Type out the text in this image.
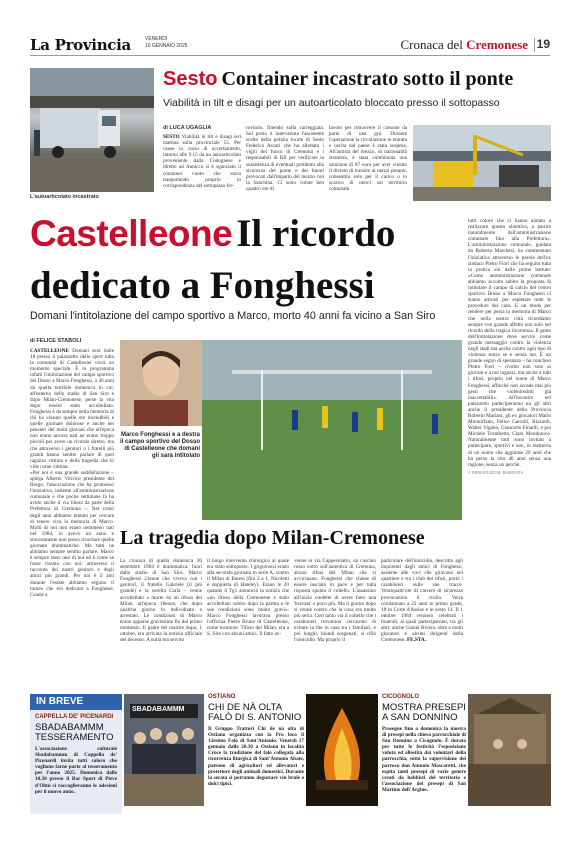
La Provincia	VENERDÌ
10 GENNAIO 2025	Cronaca del Cremonese 19
L'autoarticolato incastrato
Sesto Container incastrato sotto il ponte
Viabilità in tilt e disagi per un autoarticolato bloccato presso il sottopasso
di LUCA UGAGLIA
SESTO Viabilità in tilt e disagi ieri mattina sulla provinciale 55. Per cause in corso di accertamento, intorno alle 9.15 da un autoarticolato proveniente dalla Codognese e diretto ad Annicco si è sganciato il container vuoto che stava trasportando proprio in corrispondenza del sottopasso fer-
roviario, finendo sulla carreggiata. Sul posto è intervenuta l'assistente scelto della polizia locale di Sesto Federica Ascari che ha allertato i vigili del fuoco di Cremona e i responsabili di Rfi per verificare la sussistenza di eventuali problemi alla sicurezza del ponte e dei binari provocati dall'impatto del mezzo con la banchina. Ci sono volute ben quattro ore di
lavoro per rimuovere il cassone da parte di una gru. Durante l'operazione la circolazione in entrata e uscita dal paese è stata sospesa. All'autista del mezzo, di nazionalità straniera, è stata comminata una sanzione di 87 euro per aver violato il divieto di transito ai mezzi pesanti, consentito solo per il carico o lo scarico di merci sul territorio comunale.
Castelleone Il ricordo
dedicato a Fonghessi
tutti coloro che ci hanno aiutato a realizzare questo obiettivo, a partire naturalmente dall'amministrazione comunale fino alla Prefettura». L'amministrazione comunale, guidata da Roberto Marchesi, ha commentato l'iniziativa attraverso le parole dell'ex sindaco Pietro Fiori che ha seguito tutta la pratica sin dalle prime battute: «Come amministrazione comunale abbiamo accolto subito la proposta di intitolare il campo di calcio del centro sportivo Dosso a Marco Fonghessi ci siamo attivati per espletare tutte le procedure del caso. E un modo per rendere per persa la memoria di Marco che nella nostra città ricordiamo sempre con grande affetto non solo nel ricordo della tragica ricorrenza. Il gesto dell'intitolazione deve servire come grande messaggio contro la violenza negli stadi ma anche contro ogni tipo di violenza senza se e senza ma. È un grande segno di speranza – ha concluso Pietro Fiori – rivolto non solo ai giovani e a noi ragazzi, ma anche a tutti i tifosi, proprio nel nome di Marco Fonghessi, affinché non accada mai più gesti che violentissimi già inaccettabili». All'incontro nel palazzetto parteciperanno tra gli altri anche il presidente della Provincia Roberto Mariani, gli ex giocatori Mario Montorfano, Felice Garzilli, Rizzardi, Walter Vigano, Giancarlo Finardi, e poi Michele Trombetta, Clara Mondonico. Naturalmente tutti sono invitati a partecipare, sportivi e non, in memoria di un uomo che aggiunse 20 anni che ha perso la vita 40 anni senza una ragione, senza un perché.
© RIPRODUZIONE RISERVATA
Domani l'intitolazione del campo sportivo a Marco, morto 40 anni fa vicino a San Siro
di FELICE STABOLI
CASTELLEONE Domani sera dalle 18 presso il palazzetto dello sport tutta la comunità di Castelleone vivrà un momento speciale. È in programma infatti l'intitolazione del campo sportivo del Dosso a Marco Fonghessi, a 40 anni da quella terribile domenica in cui, all'esterno dello stadio di San Siro e dopo Milan-Cremonese, perse la vita dopo essere stato accoltellato. Fonghessi è da sempre nella memoria di chi ha vissuto quelle ore incredibili e quelle giornate dolorose e anche nei pensieri dei molti giovani che all'epoca non erano ancora nati ne erano troppo piccoli per avere un ricordo diretto, ma che attraverso i genitori o i fratelli più grandi hanno sentito parlare di quel ragazzo vittima e della tragedia che lo vide come vittima.
«Per noi è una grande soddisfazione – spiega Alberto Vitivice presidente del Borgo, l'associazione che ha promosso l'iniziativa, insieme all'amministrazione comunale e che poche settimane fa ha avuto anche il via libera da parte della Prefettura di Cremona –. Nel corso degli anni abbiamo tentato per cercare di tenere viva la memoria di Marco. Molti di noi non erano nemmeno nati nel 1984, io avevo un anno e sinceramente non posso ricordare quelle giornate drammatiche. Ma tutti ne abbiamo sempre sentito parlare. Marco è sempre stato uno di noi ed è come se fosse vissuto con noi: attraverso il racconto dei nostri genitori e degli amici più grandi. Per noi è il ami durante l'estate abbiamo seguito il torneo che era dedicato a Fonghessi. Grazie a
Marco Fonghessi e a destra il campo sportivo del Dosso di Castelleone che domani gli sarà intitolato
La tragedia dopo Milan-Cremonese
La cronaca di quella domenica 30 settembre 1984 è drammatica: fuori dallo stadio di San Siro, Marco Fonghessi 21enne che viveva con i genitori, il fratello Gabriele (il più grande) e la sorella Carla – venne accoltellato a morte da un tifoso del Milan, all'epoca 18enne, che dopo qualche giorno fu individuato e arrestato. Le condizioni di Marco erano apparse gravissime fin dal primo momento. Il padre del martire dopo, 1 ottobre, era arrivata la notizia ufficiale del decesso. A nulla era servito
il lungo intervento chirurgico al quale era stato sottoposto. I grigiorossi erano alla seconda giornata in serie A, contro il Milan di Baresi (finì 2 a 1, Nicoletti e doppietta di Hateley). Erano le 20 quando il Tg1 annunciò la notizia che «un tifoso della Cremonese è stato accoltellato subito dopo la partita e le sue condizioni sono molto gravi». Marco Fonghessi lavorava presso l'officina Pietro Bruno di Castelleone, come tornitore. Tifoso del Milan, era a S. Siro con alcuni amici. Il fatto av-
venne in via Cappecelatro, un cuscino rosso entro sull'autentica di Cremona, alcuni tifosi del Milan che si avvicinano. Fonghessi che chiese di essere lasciato in pace e per tutta risposta spunta il coltello. L'assassino all'inizio credette di avere fatto una 'bravata' o poco più. Ma il giorno dopo si venne contro che la cosa era molto più seria. Così tanto via il coltello che i carabinieri trovarono cercarono di evitare la lite in casa tra i familiari, e poi lunghi, biondi sosgenati, si rifiò l'omicidio. Ma proprio il
particolare dell'omicidio, descritto agli inquirenti dagli amici di Fonghessi, assieme alle voci che giravano nel quartiere e tra i club dei tifosi, portò i carabinieri sulle sue tracce. Ventiquattr'ore di carcere di sicurezza provocarono il crollo. Verrà condannato a 22 anni in primo grado, 18 in Corte d'Assise e in sesto 14. Il 1 ottobre 1984 vennero celebrati i funerali, ai quali parteciparono, tra gli altri, anche Gianni Rivera, oltre a molti giocatori e alcuni dirigenti della Cremonese. FE.STA.
IN BREVE
CAPPELLA DE' PICENARDI
SBADABAMMM TESSERAMENTO
L'associazione culturale Sbadabammm di Cappella de' Picenardi invita tutti coloro che vogliono farne parte al tesseramento per l'anno 2025. Domenica dalle 10.30 presso il Bar Sport di Pieve d'Olmi si raccoglieranno le adesioni per il nuovo anno.
SBADABAMMM
OSTIANO
CHI DE NÀ OLTA FALÒ DI S. ANTONIO
Il Gruppo Trattori Chi de nà olta di Ostiano organizza con la Pro loco il 12esimo Falò di Sant'Antonio. Venerdì 17 gennaio dalle 20.30 a Ostiano in località Croce la tradizione del falò collegata alla ricorrenza liturgica di Sant'Antonio Abate, patrono di agricoltori ed allevatori e protettore degli animali domestici. Durante la serata si potranno degustare vin brulè e dolci tipici.
CICOGNOLO
MOSTRA PRESEPI A SAN DONNINO
Prosegue fino a domenica la mostra di presepi nella chiesa parrocchiale di San Donnino a Cicognolo. È durata per tutte le festività l'esposizione voluta ed allestita dai volontari della parrocchia, sotto la supervisione del parroco don Antonio Mascaretti, che espita tanti presepi di varie genere creati da hobbisti del territorio e l'associazione dei presepi di San Martino dell'Argine.
